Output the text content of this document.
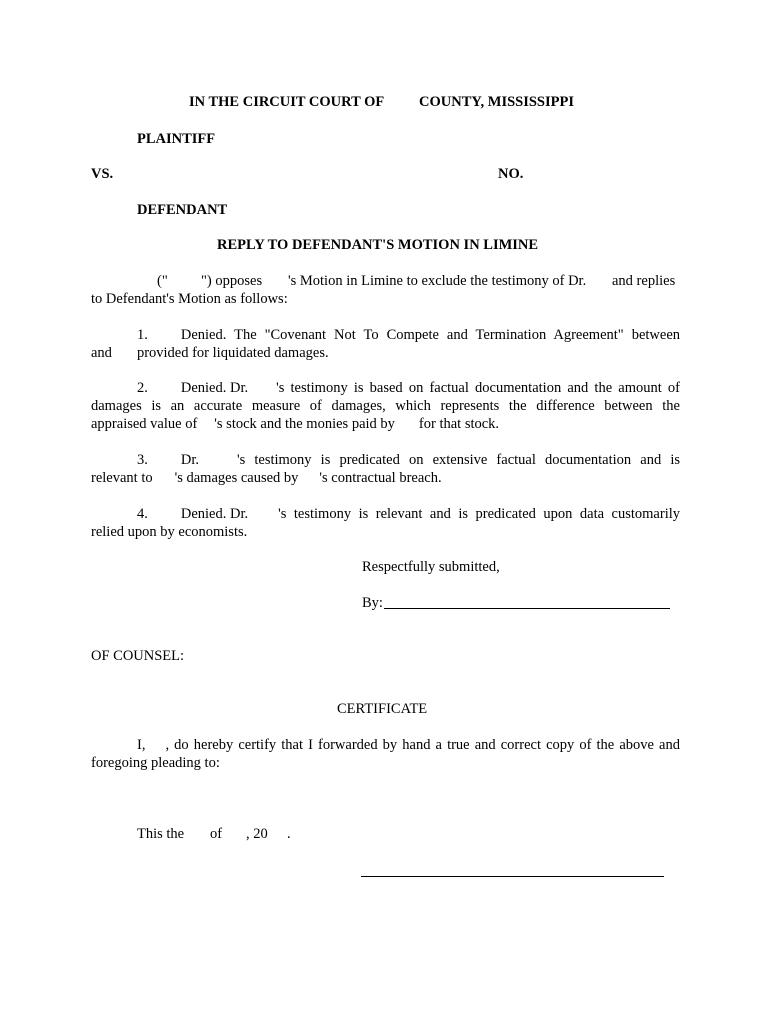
IN THE CIRCUIT COURT OF COUNTY, MISSISSIPPI
PLAINTIFF
VS.	NO.
DEFENDANT
REPLY TO DEFENDANT'S MOTION IN LIMINE
(" ") opposes 's Motion in Limine to exclude the testimony of Dr. and replies
to Defendant's Motion as follows:
1. Denied. The "Covenant Not To Compete and Termination Agreement" between
and provided for liquidated damages.
2. Denied. Dr. 's testimony is based on factual documentation and the amount of
damages is an accurate measure of damages, which represents the difference between the
appraised value of 's stock and the monies paid by for that stock.
3. Dr.	's testimony is predicated on extensive factual documentation and is
relevant to 's damages caused by 's contractual breach.
4. Denied. Dr. 's testimony is relevant and is predicated upon data customarily
relied upon by economists.
Respectfully submitted,
By:
OF COUNSEL:
CERTIFICATE
I, , do hereby certify that I forwarded by hand a true and correct copy of the above and
foregoing pleading to:
This the of , 20 .
